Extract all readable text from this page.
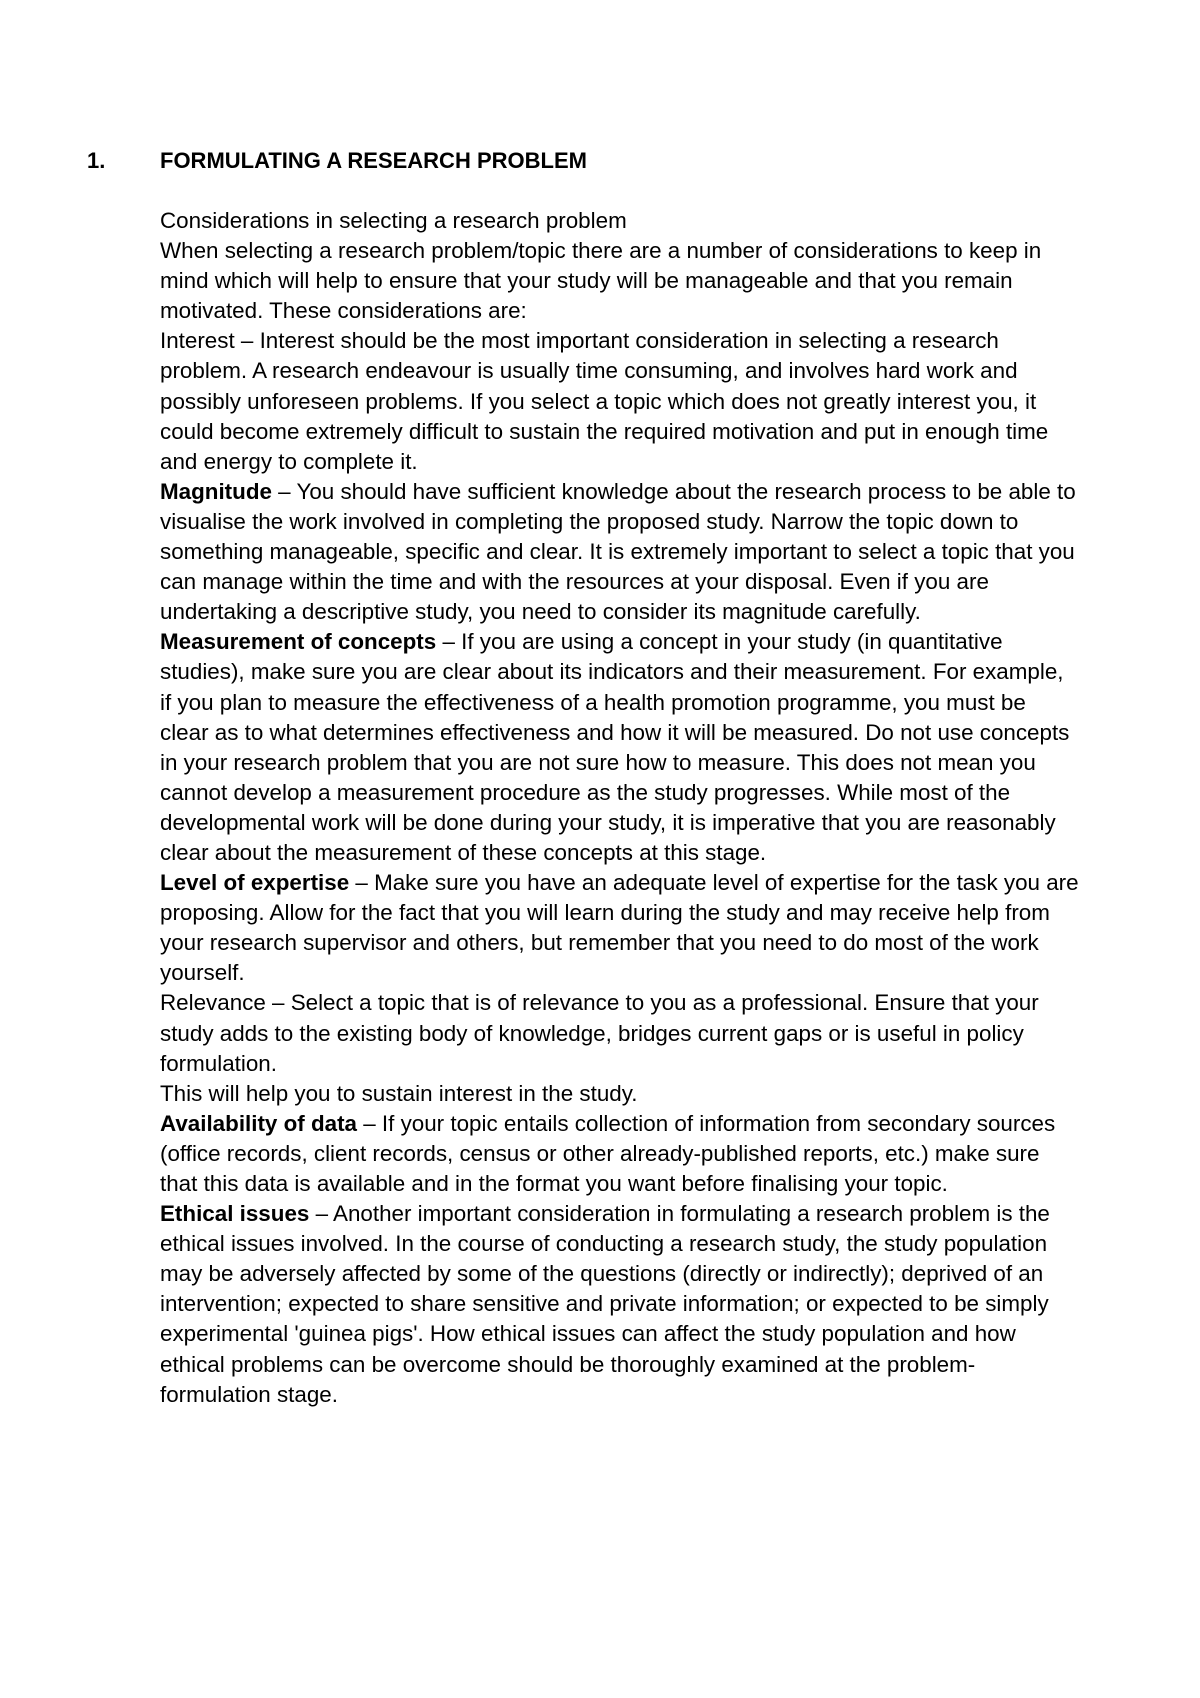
1. FORMULATING A RESEARCH PROBLEM

Considerations in selecting a research problem

When selecting a research problem/topic there are a number of considerations to keep in mind which will help to ensure that your study will be manageable and that you remain motivated. These considerations are:

Interest – Interest should be the most important consideration in selecting a research problem. A research endeavour is usually time consuming, and involves hard work and possibly unforeseen problems. If you select a topic which does not greatly interest you, it could become extremely difficult to sustain the required motivation and put in enough time and energy to complete it.

Magnitude – You should have sufficient knowledge about the research process to be able to visualise the work involved in completing the proposed study. Narrow the topic down to something manageable, specific and clear. It is extremely important to select a topic that you can manage within the time and with the resources at your disposal. Even if you are undertaking a descriptive study, you need to consider its magnitude carefully.

Measurement of concepts – If you are using a concept in your study (in quantitative studies), make sure you are clear about its indicators and their measurement. For example, if you plan to measure the effectiveness of a health promotion programme, you must be clear as to what determines effectiveness and how it will be measured. Do not use concepts in your research problem that you are not sure how to measure. This does not mean you cannot develop a measurement procedure as the study progresses. While most of the developmental work will be done during your study, it is imperative that you are reasonably clear about the measurement of these concepts at this stage.

Level of expertise – Make sure you have an adequate level of expertise for the task you are proposing. Allow for the fact that you will learn during the study and may receive help from your research supervisor and others, but remember that you need to do most of the work yourself.

Relevance – Select a topic that is of relevance to you as a professional. Ensure that your study adds to the existing body of knowledge, bridges current gaps or is useful in policy formulation.

This will help you to sustain interest in the study.

Availability of data – If your topic entails collection of information from secondary sources (office records, client records, census or other already-published reports, etc.) make sure that this data is available and in the format you want before finalising your topic.

Ethical issues – Another important consideration in formulating a research problem is the ethical issues involved. In the course of conducting a research study, the study population may be adversely affected by some of the questions (directly or indirectly); deprived of an intervention; expected to share sensitive and private information; or expected to be simply experimental 'guinea pigs'. How ethical issues can affect the study population and how ethical problems can be overcome should be thoroughly examined at the problem-formulation stage.
